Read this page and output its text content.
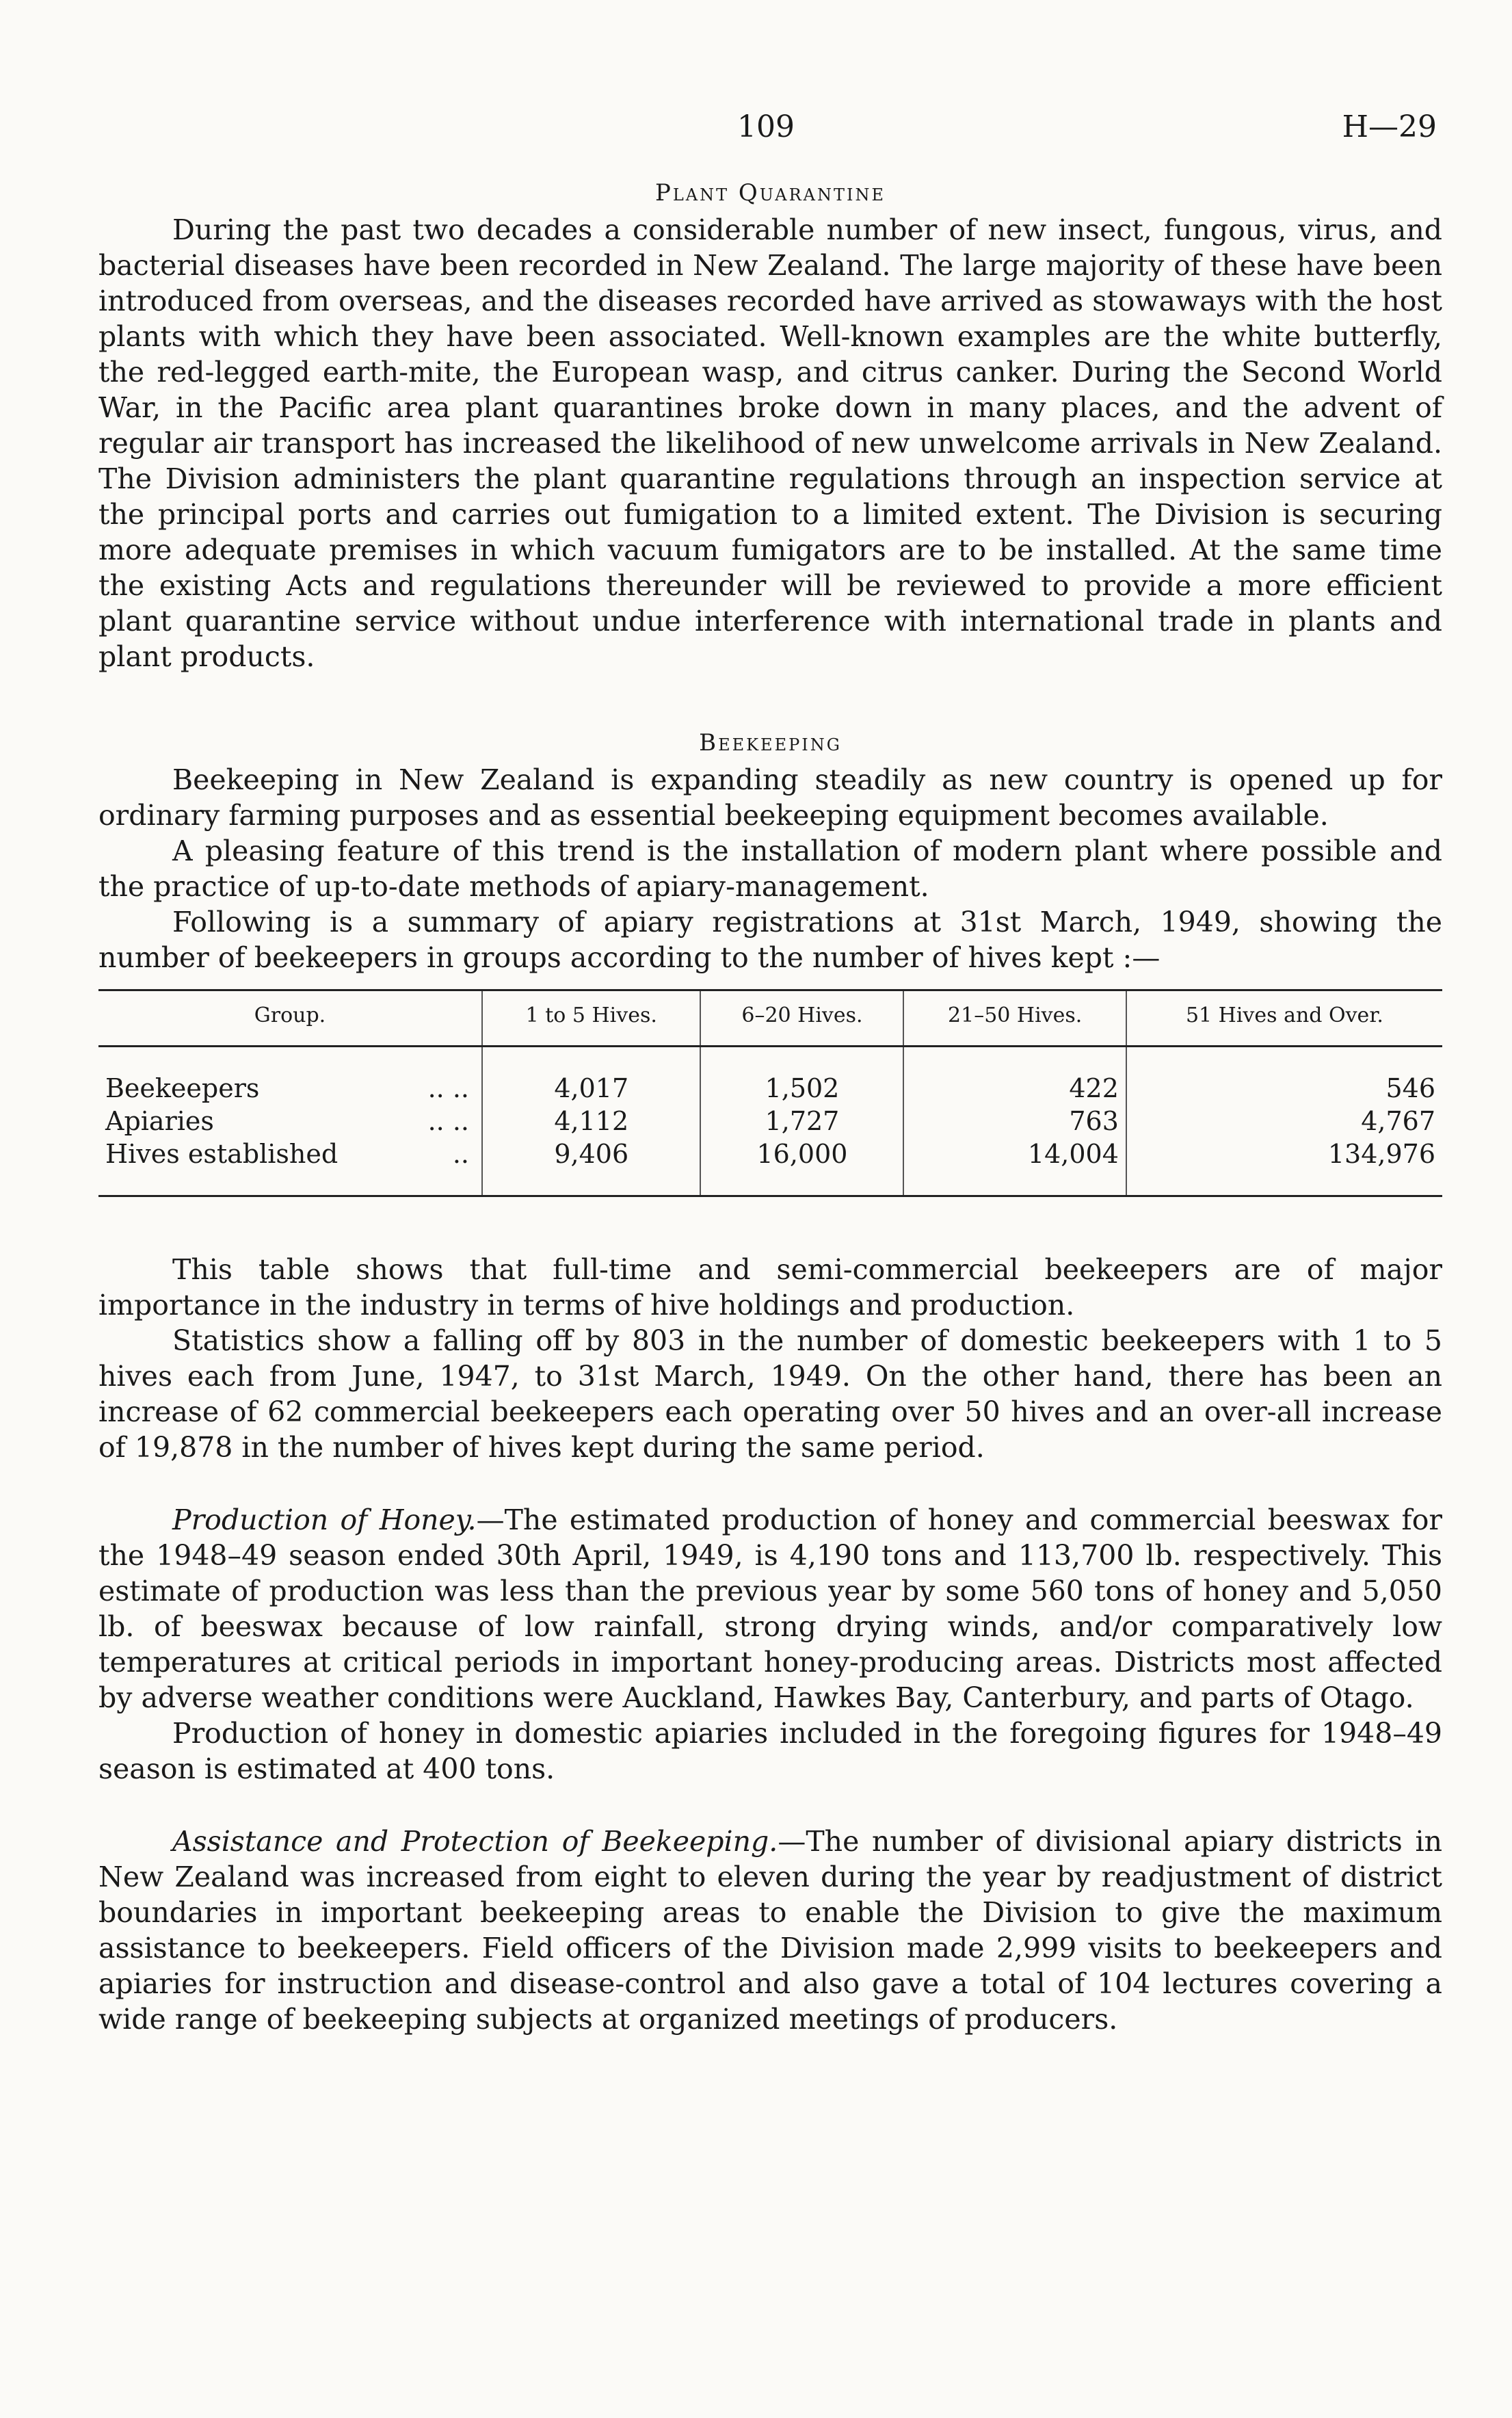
109	H—29
Plant Quarantine

During the past two decades a considerable number of new insect, fungous, virus, and bacterial diseases have been recorded in New Zealand. The large majority of these have been introduced from overseas, and the diseases recorded have arrived as stowaways with the host plants with which they have been associated. Well-known examples are the white butterfly, the red-legged earth-mite, the European wasp, and citrus canker. During the Second World War, in the Pacific area plant quarantines broke down in many places, and the advent of regular air transport has increased the likelihood of new unwelcome arrivals in New Zealand. The Division administers the plant quarantine regulations through an inspection service at the principal ports and carries out fumigation to a limited extent. The Division is securing more adequate premises in which vacuum fumigators are to be installed. At the same time the existing Acts and regulations thereunder will be reviewed to provide a more efficient plant quarantine service without undue interference with international trade in plants and plant products.

Beekeeping

Beekeeping in New Zealand is expanding steadily as new country is opened up for ordinary farming purposes and as essential beekeeping equipment becomes available.

A pleasing feature of this trend is the installation of modern plant where possible and the practice of up-to-date methods of apiary-management.

Following is a summary of apiary registrations at 31st March, 1949, showing the number of beekeepers in groups according to the number of hives kept :—

Group.	1 to 5 Hives.	6–20 Hives.	21–50 Hives.	51 Hives and Over.

Beekeepers .. ..	4,017	1,502	422	546
Apiaries .. ..	4,112	1,727	763	4,767
Hives established ..	9,406	16,000	14,004	134,976

This table shows that full-time and semi-commercial beekeepers are of major importance in the industry in terms of hive holdings and production.

Statistics show a falling off by 803 in the number of domestic beekeepers with 1 to 5 hives each from June, 1947, to 31st March, 1949. On the other hand, there has been an increase of 62 commercial beekeepers each operating over 50 hives and an over-all increase of 19,878 in the number of hives kept during the same period.

Production of Honey.—The estimated production of honey and commercial beeswax for the 1948–49 season ended 30th April, 1949, is 4,190 tons and 113,700 lb. respectively. This estimate of production was less than the previous year by some 560 tons of honey and 5,050 lb. of beeswax because of low rainfall, strong drying winds, and/or comparatively low temperatures at critical periods in important honey-producing areas. Districts most affected by adverse weather conditions were Auckland, Hawkes Bay, Canterbury, and parts of Otago.

Production of honey in domestic apiaries included in the foregoing figures for 1948–49 season is estimated at 400 tons.

Assistance and Protection of Beekeeping.—The number of divisional apiary districts in New Zealand was increased from eight to eleven during the year by readjustment of district boundaries in important beekeeping areas to enable the Division to give the maximum assistance to beekeepers. Field officers of the Division made 2,999 visits to beekeepers and apiaries for instruction and disease-control and also gave a total of 104 lectures covering a wide range of beekeeping subjects at organized meetings of producers.
